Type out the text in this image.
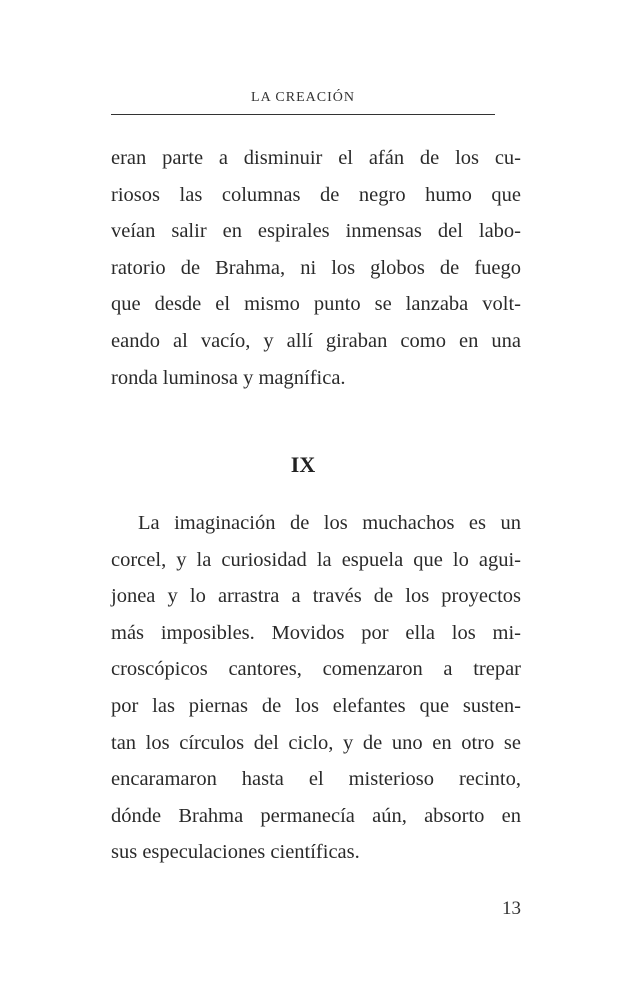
LA CREACIÓN
eran parte a disminuir el afán de los cu-
riosos las columnas de negro humo que
veían salir en espirales inmensas del labo-
ratorio de Brahma, ni los globos de fuego
que desde el mismo punto se lanzaba volt-
eando al vacío, y allí giraban como en una
ronda luminosa y magnífica.
IX
La imaginación de los muchachos es un
corcel, y la curiosidad la espuela que lo agui-
jonea y lo arrastra a través de los proyectos
más imposibles. Movidos por ella los mi-
croscópicos cantores, comenzaron a trepar
por las piernas de los elefantes que susten-
tan los círculos del ciclo, y de uno en otro se
encaramaron hasta el misterioso recinto,
dónde Brahma permanecía aún, absorto en
sus especulaciones científicas.
13
